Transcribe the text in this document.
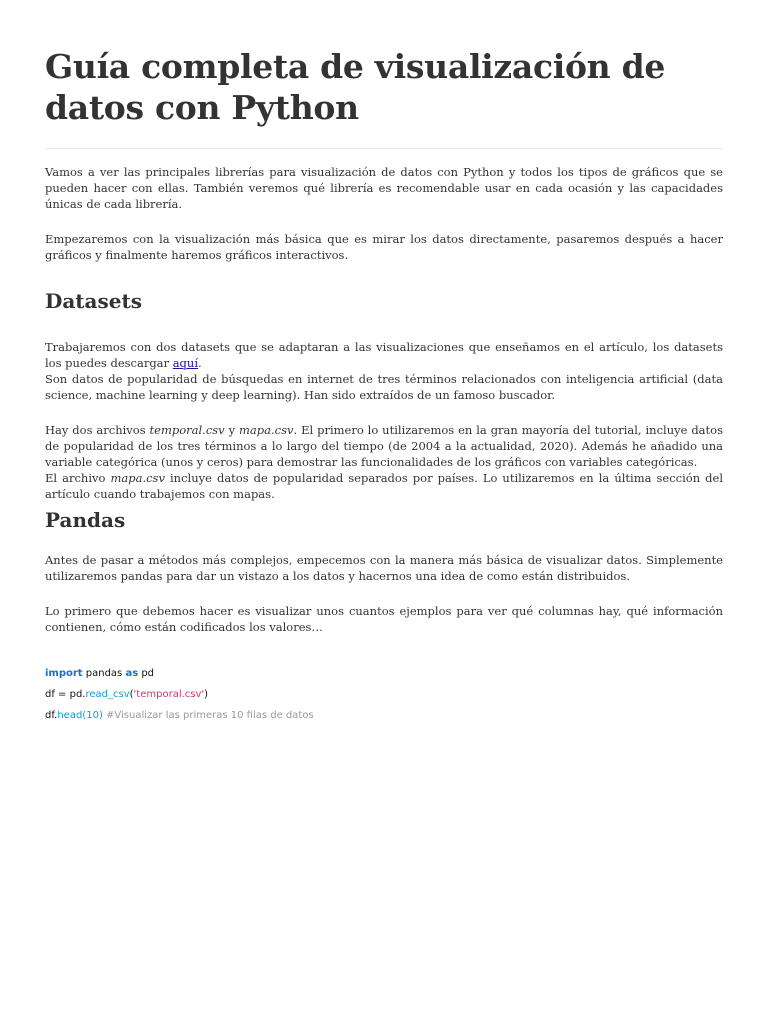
Guía completa de visualización de datos con Python

Vamos a ver las principales librerías para visualización de datos con Python y todos los tipos de gráficos que se pueden hacer con ellas. También veremos qué librería es recomendable usar en cada ocasión y las capacidades únicas de cada librería.

Empezaremos con la visualización más básica que es mirar los datos directamente, pasaremos después a hacer gráficos y finalmente haremos gráficos interactivos.

Datasets

Trabajaremos con dos datasets que se adaptaran a las visualizaciones que enseñamos en el artículo, los datasets los puedes descargar aquí.
Son datos de popularidad de búsquedas en internet de tres términos relacionados con inteligencia artificial (data science, machine learning y deep learning). Han sido extraídos de un famoso buscador.

Hay dos archivos temporal.csv y mapa.csv. El primero lo utilizaremos en la gran mayoría del tutorial, incluye datos de popularidad de los tres términos a lo largo del tiempo (de 2004 a la actualidad, 2020). Además he añadido una variable categórica (unos y ceros) para demostrar las funcionalidades de los gráficos con variables categóricas.
El archivo mapa.csv incluye datos de popularidad separados por países. Lo utilizaremos en la última sección del artículo cuando trabajemos con mapas.

Pandas

Antes de pasar a métodos más complejos, empecemos con la manera más básica de visualizar datos. Simplemente utilizaremos pandas para dar un vistazo a los datos y hacernos una idea de como están distribuidos.

Lo primero que debemos hacer es visualizar unos cuantos ejemplos para ver qué columnas hay, qué información contienen, cómo están codificados los valores…

import pandas as pd
df = pd.read_csv('temporal.csv')
df.head(10) #Visualizar las primeras 10 filas de datos
